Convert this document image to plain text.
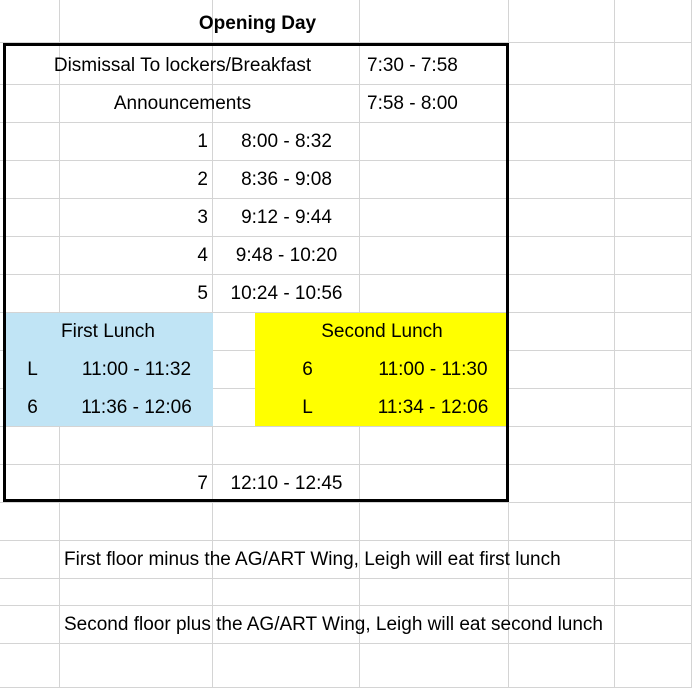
Opening Day
Dismissal To lockers/Breakfast	7:30 - 7:58
Announcements	7:58 - 8:00
1	8:00 - 8:32
2	8:36 - 9:08
3	9:12 - 9:44
4	9:48 - 10:20
5	10:24 - 10:56
First Lunch
L	11:00 - 11:32
6	11:36 - 12:06
Second Lunch
6	11:00 - 11:30
L	11:34 - 12:06
7	12:10 - 12:45
First floor minus the AG/ART Wing, Leigh will eat first lunch
Second floor plus the AG/ART Wing, Leigh will eat second lunch
